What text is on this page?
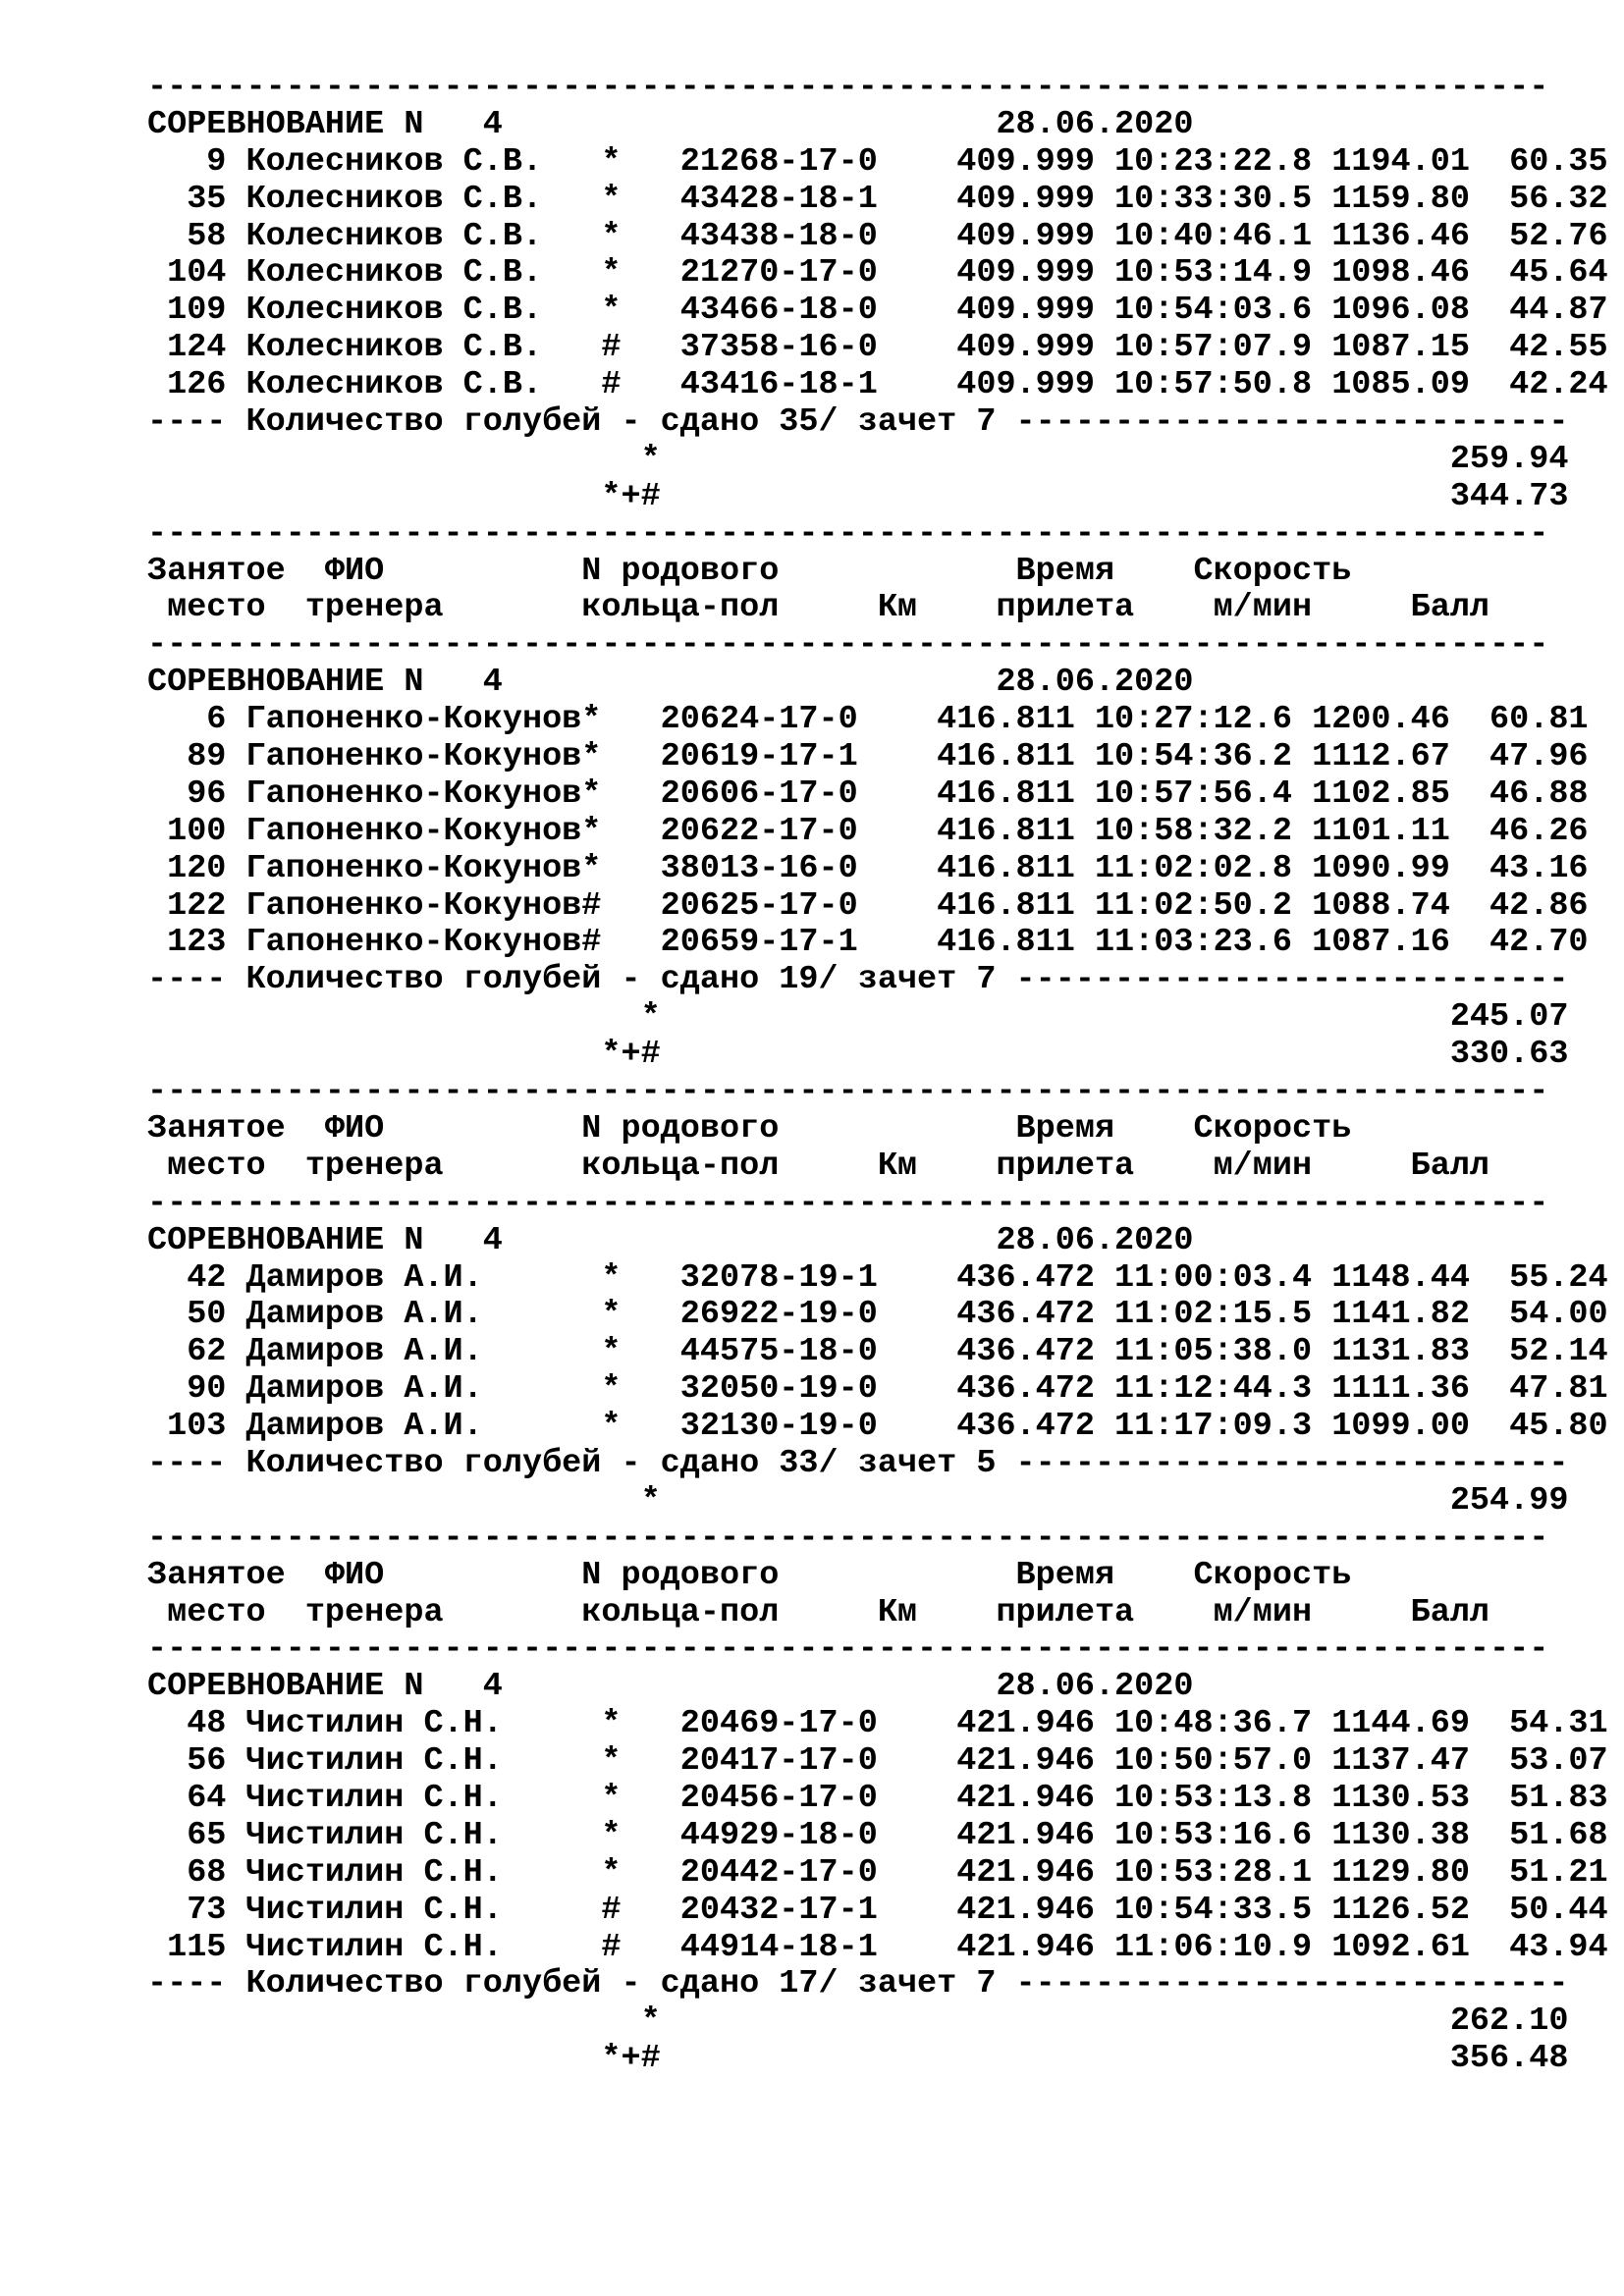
-----------------------------------------------------------------------
СОРЕВНОВАНИЕ N   4                         28.06.2020
9 Колесников С.В.   *   21268-17-0    409.999 10:23:22.8 1194.01  60.35
35 Колесников С.В.   *   43428-18-1    409.999 10:33:30.5 1159.80  56.32
58 Колесников С.В.   *   43438-18-0    409.999 10:40:46.1 1136.46  52.76
104 Колесников С.В.   *   21270-17-0    409.999 10:53:14.9 1098.46  45.64
109 Колесников С.В.   *   43466-18-0    409.999 10:54:03.6 1096.08  44.87
124 Колесников С.В.   #   37358-16-0    409.999 10:57:07.9 1087.15  42.55
126 Колесников С.В.   #   43416-18-1    409.999 10:57:50.8 1085.09  42.24
---- Количество голубей - сдано 35/ зачет 7 ----------------------------
*                                        259.94
*+#                                        344.73
-----------------------------------------------------------------------
Занятое  ФИО          N родового            Время    Скорость
место  тренера       кольца-пол     Км    прилета    м/мин     Балл
-----------------------------------------------------------------------
СОРЕВНОВАНИЕ N   4                         28.06.2020
6 Гапоненко-Кокунов*   20624-17-0    416.811 10:27:12.6 1200.46  60.81
89 Гапоненко-Кокунов*   20619-17-1    416.811 10:54:36.2 1112.67  47.96
96 Гапоненко-Кокунов*   20606-17-0    416.811 10:57:56.4 1102.85  46.88
100 Гапоненко-Кокунов*   20622-17-0    416.811 10:58:32.2 1101.11  46.26
120 Гапоненко-Кокунов*   38013-16-0    416.811 11:02:02.8 1090.99  43.16
122 Гапоненко-Кокунов#   20625-17-0    416.811 11:02:50.2 1088.74  42.86
123 Гапоненко-Кокунов#   20659-17-1    416.811 11:03:23.6 1087.16  42.70
---- Количество голубей - сдано 19/ зачет 7 ----------------------------
*                                        245.07
*+#                                        330.63
-----------------------------------------------------------------------
Занятое  ФИО          N родового            Время    Скорость
место  тренера       кольца-пол     Км    прилета    м/мин     Балл
-----------------------------------------------------------------------
СОРЕВНОВАНИЕ N   4                         28.06.2020
42 Дамиров А.И.      *   32078-19-1    436.472 11:00:03.4 1148.44  55.24
50 Дамиров А.И.      *   26922-19-0    436.472 11:02:15.5 1141.82  54.00
62 Дамиров А.И.      *   44575-18-0    436.472 11:05:38.0 1131.83  52.14
90 Дамиров А.И.      *   32050-19-0    436.472 11:12:44.3 1111.36  47.81
103 Дамиров А.И.      *   32130-19-0    436.472 11:17:09.3 1099.00  45.80
---- Количество голубей - сдано 33/ зачет 5 ----------------------------
*                                        254.99
-----------------------------------------------------------------------
Занятое  ФИО          N родового            Время    Скорость
место  тренера       кольца-пол     Км    прилета    м/мин     Балл
-----------------------------------------------------------------------
СОРЕВНОВАНИЕ N   4                         28.06.2020
48 Чистилин С.Н.     *   20469-17-0    421.946 10:48:36.7 1144.69  54.31
56 Чистилин С.Н.     *   20417-17-0    421.946 10:50:57.0 1137.47  53.07
64 Чистилин С.Н.     *   20456-17-0    421.946 10:53:13.8 1130.53  51.83
65 Чистилин С.Н.     *   44929-18-0    421.946 10:53:16.6 1130.38  51.68
68 Чистилин С.Н.     *   20442-17-0    421.946 10:53:28.1 1129.80  51.21
73 Чистилин С.Н.     #   20432-17-1    421.946 10:54:33.5 1126.52  50.44
115 Чистилин С.Н.     #   44914-18-1    421.946 11:06:10.9 1092.61  43.94
---- Количество голубей - сдано 17/ зачет 7 ----------------------------
*                                        262.10
*+#                                        356.48
